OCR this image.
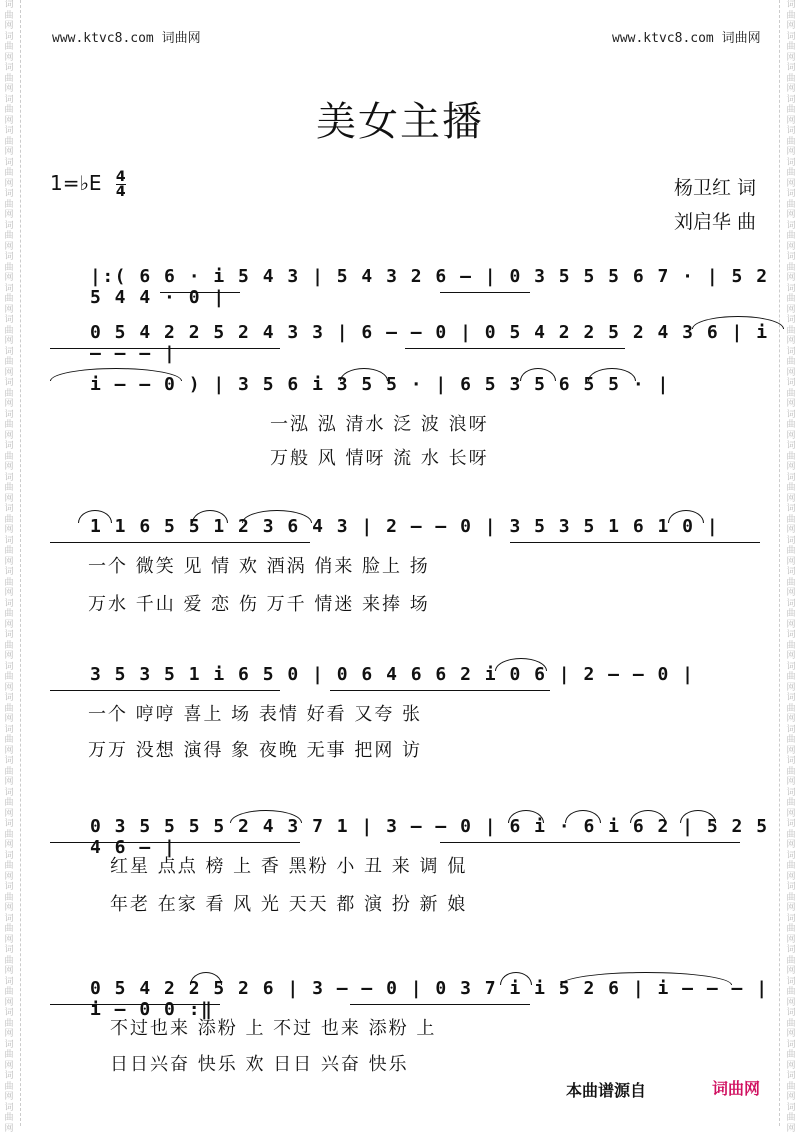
词曲网词曲网词曲网词曲网词曲网词曲网词曲网词曲网词曲网词曲网词曲网词曲网词曲网词曲网词曲网词曲网词曲网词曲网词曲网词曲网词曲网词曲网词曲网词曲网词曲网词曲网词曲网词曲网词曲网词曲网词曲网词曲网词曲网词曲网词曲网词曲网
词曲网词曲网词曲网词曲网词曲网词曲网词曲网词曲网词曲网词曲网词曲网词曲网词曲网词曲网词曲网词曲网词曲网词曲网词曲网词曲网词曲网词曲网词曲网词曲网词曲网词曲网词曲网词曲网词曲网词曲网词曲网词曲网词曲网词曲网词曲网词曲网
www.ktvc8.com 词曲网	www.ktvc8.com 词曲网
美女主播
1=♭E $\frac{4}{4}$	杨卫红 词
刘启华 曲
|:( 6 6 · i 5 4 3 | 5 4 3 2 6 – | 0 3 5 5 5 6 7 · | 5 2 5 4 4 · 0 |
0 5 4 2 2 5 2 4 3 3 | 6 – – 0 | 0 5 4 2 2 5 2 4 3 6 | i – – – |
i – – 0 ) | 3 5 6 i 3 5 5 · | 6 5 3 5 6 5 5 · |
一泓 泓 清水 泛 波 浪呀
万般 风 情呀 流 水 长呀
1 1 6 5 5 1 2 3 6 4 3 | 2 – – 0 | 3 5 3 5 1 6 1 0 |
一个 微笑 见 情 欢 酒涡 俏来 脸上 扬
万水 千山 爱 恋 伤 万千 情迷 来捧 场
3 5 3 5 1 i 6 5 0 | 0 6 4 6 6 2 i 0 6 | 2 – – 0 |
一个 哼哼 喜上 场 表情 好看 又夸 张
万万 没想 演得 象 夜晚 无事 把网 访
0 3 5 5 5 5 2 4 3 7 1 | 3 – – 0 | 6 i · 6 i 6 2 | 5 2 5 4 6 – |
红星 点点 榜 上 香 黑粉 小 丑 来 调 侃
年老 在家 看 风 光 天天 都 演 扮 新 娘
0 5 4 2 2 5 2 6 | 3 – – 0 | 0 3 7 i i 5 2 6 | i – – – | i – 0 0 :‖
不过也来 添粉 上 不过 也来 添粉 上
日日兴奋 快乐 欢 日日 兴奋 快乐
本曲谱源自	词曲网
